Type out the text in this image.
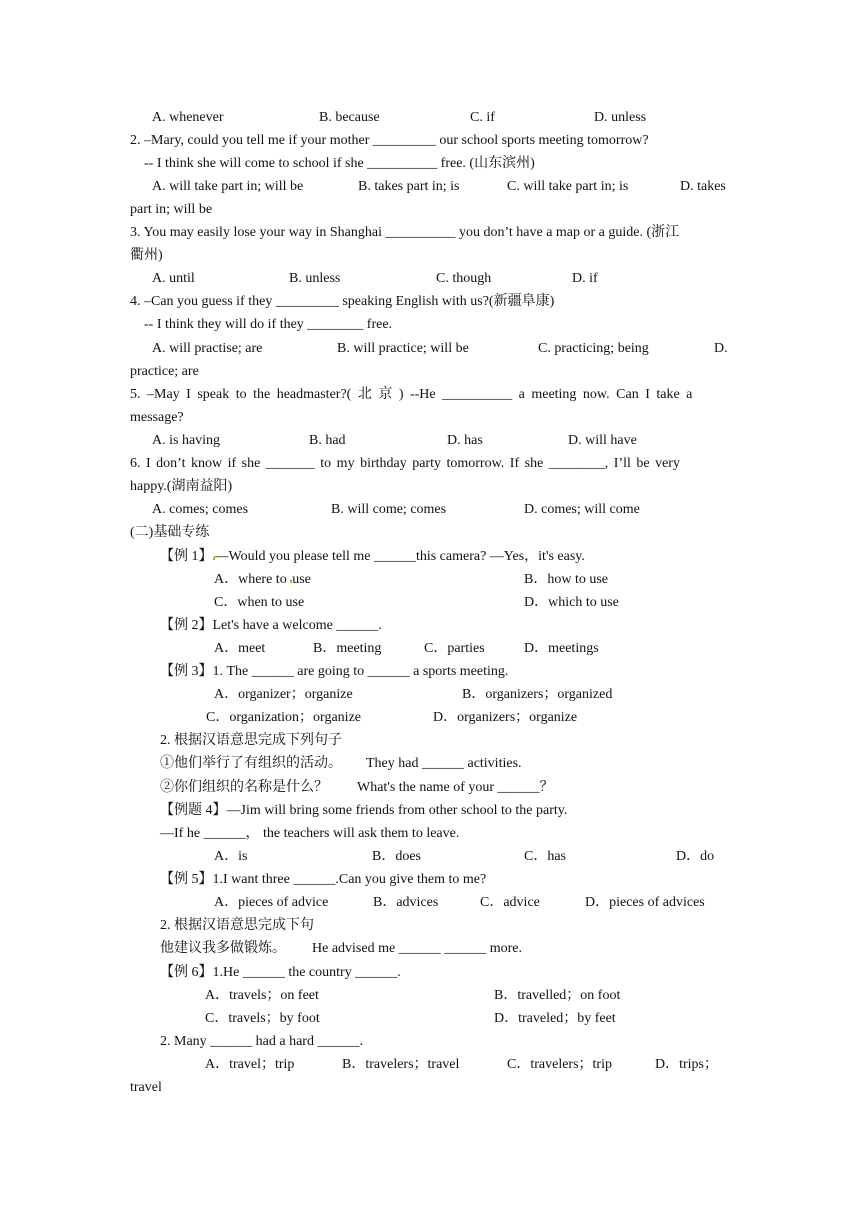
A. whenever	B. because	C. if	D. unless
2. –Mary, could you tell me if your mother _________ our school sports meeting tomorrow?
-- I think she will come to school if she __________ free. (山东滨州)
A. will take part in; will be	B. takes part in; is	C. will take part in; is	D. takes
part in; will be
3. You may easily lose your way in Shanghai __________ you don’t have a map or a guide. (浙江
衢州)
A. until	B. unless	C. though	D. if
4. –Can you guess if they _________ speaking English with us?(新疆阜康)
-- I think they will do if they ________ free.
A. will practise; are	B. will practice; will be	C. practicing; being	D.
practice; are
5. –May I speak to the headmaster?( 北 京 ) --He __________ a meeting now. Can I take a
message?
A. is having	B. had	D. has	D. will have
6. I don’t know if she _______ to my birthday party tomorrow. If she ________, I’ll be very
happy.(湖南益阳)
A. comes; comes	B. will come; comes	D. comes; will come
(二)基础专练
【例 1】 —Would you please tell me ______this camera? —Yes，it's easy.
A．where to use	B．how to use
C．when to use	D．which to use
【例 2】Let's have a welcome ______.
A．meet	B．meeting	C．parties	D．meetings
【例 3】1. The ______ are going to ______ a sports meeting.
A．organizer；organize	B．organizers；organized
C．organization；organize	D．organizers；organize
2. 根据汉语意思完成下列句子
①他们举行了有组织的活动。 They had ______ activities.
②你们组织的名称是什么？ What's the name of your ______？
【例题 4】—Jim will bring some friends from other school to the party.
—If he ______， the teachers will ask them to leave.
A．is	B．does	C．has	D．do
【例 5】1.I want three ______.Can you give them to me?
A．pieces of advice	B．advices	C．advice	D．pieces of advices
2. 根据汉语意思完成下句
他建议我多做锻炼。 He advised me ______ ______ more.
【例 6】1.He ______ the country ______.
A．travels；on feet	B．travelled；on foot
C．travels；by foot	D．traveled；by feet
2. Many ______ had a hard ______.
A．travel；trip	B．travelers；travel	C．travelers；trip	D．trips；
travel
